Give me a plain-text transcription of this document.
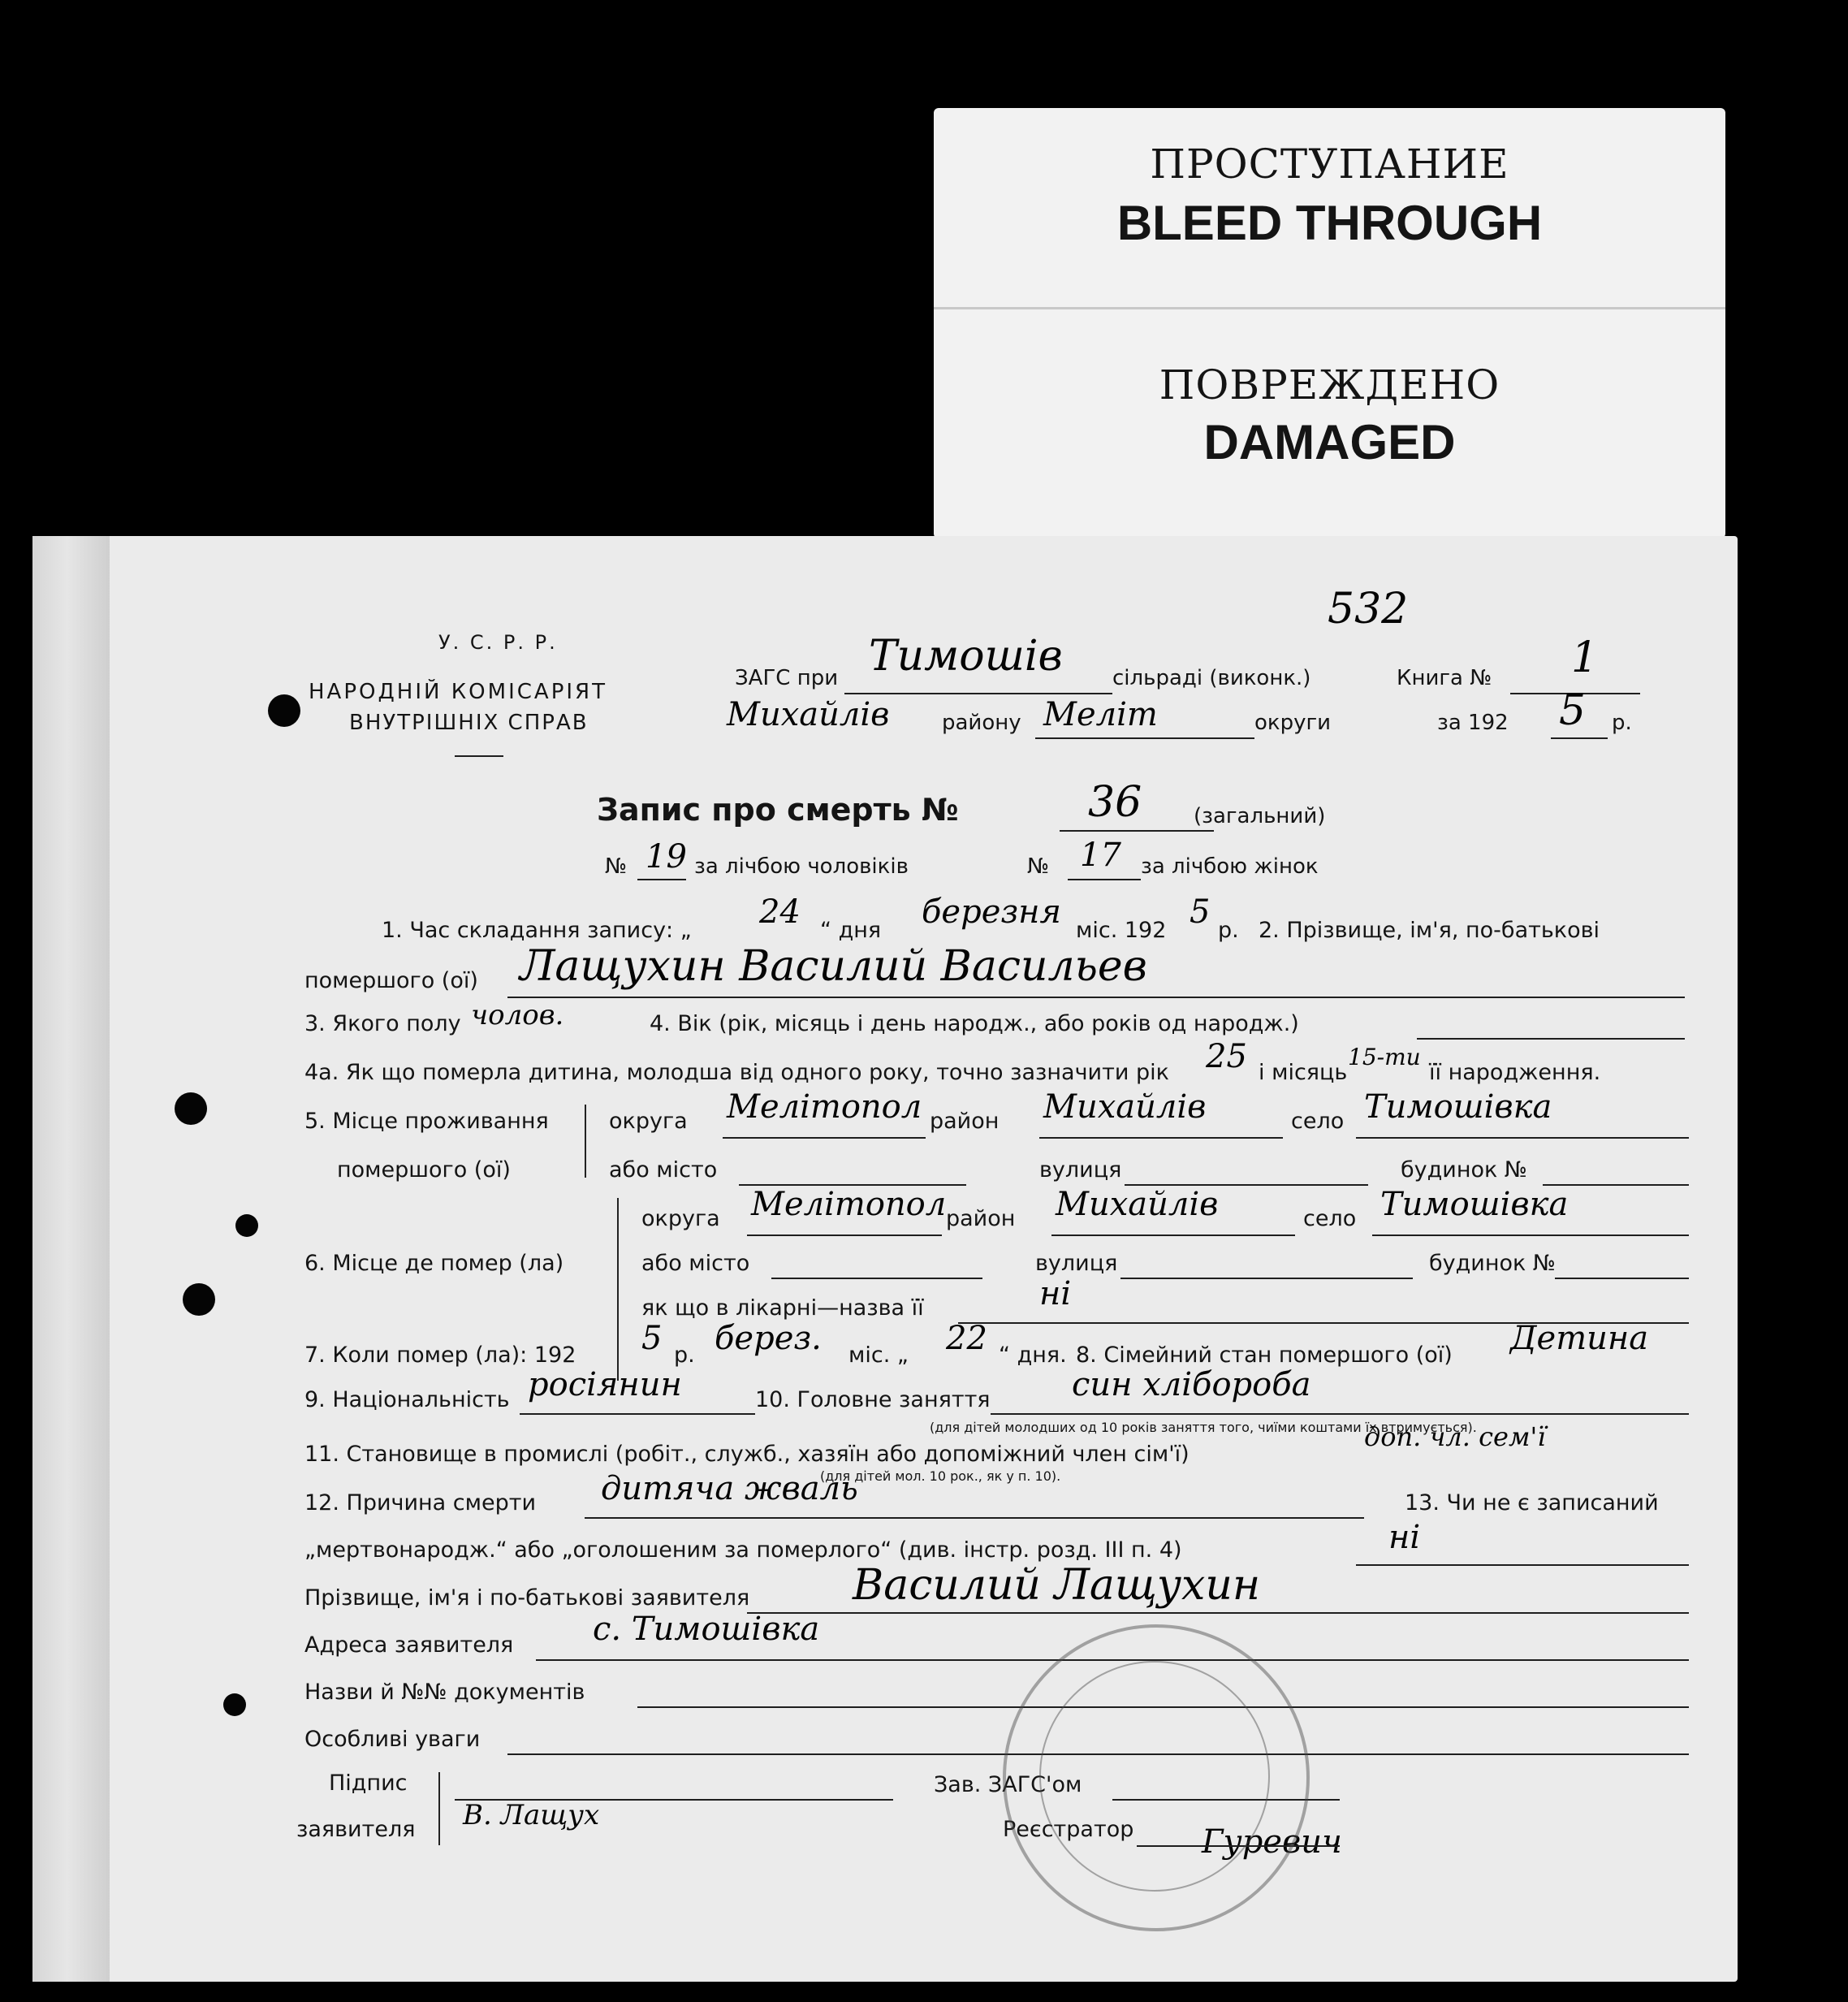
ПРОСТУПАНИЕ
BLEED THROUGH
ПОВРЕЖДЕНО
DAMAGED
532
У. С. Р. Р.
НАРОДНІЙ КОМІСАРІЯТ
ВНУТРІШНІХ СПРАВ
ЗАГС при Тимошів сільраді (виконк.)	Книга № 1
Михайлів району Меліт	округи	за 192 5 р.
Запис про смерть №	36 (загальний)
№ 19 за лічбою чоловіків	№ 17 за лічбою жінок
1. Час складання запису: „ 24 “ дня березня міс. 192 5 р. 2. Прізвище, ім'я, по-батькові
помершого (ої) Лащухин Василий Васильев
3. Якого полу чолов.	4. Вік (рік, місяць і день народж., або років од народж.)
4а. Як що померла дитина, молодша від одного року, точно зазначити рік 25 і місяць
15-ти
її народження.
5. Місце проживання
помершого (ої)
округа Мелітопол район Михайлів	село Тимошівка
або місто	вулиця	будинок №
6. Місце де помер (ла)
округа Мелітопол район Михайлів	село Тимошівка
або місто	вулиця	будинок №
як що в лікарні—назва її	ні
7. Коли помер (ла): 192 5 р. берез. міс. „ 22 “ дня. 8. Сімейний стан помершого (ої) Детина
9. Національність росіянин	10. Головне заняття	син хлібороба
(для дітей молодших од 10 років заняття того, чиїми коштами їх втримується).
11. Становище в промислі (робіт., служб., хазяїн або допоміжний член сім'ї)
доп. чл. сем'ї
12. Причина смерти дитяча жваль
(для дітей мол. 10 рок., як у п. 10).
13. Чи не є записаний
„мертвонародж.“ або „оголошеним за померлого“ (див. інстр. розд. III п. 4)	ні
Прізвище, ім'я і по-батькові заявителя Василий Лащухин
Адреса заявителя с. Тимошівка
Назви й №№ документів
Особливі уваги
Підпис
заявителя В. Лащух
Зав. ЗАГС'ом
Реєстратор Гуревич
